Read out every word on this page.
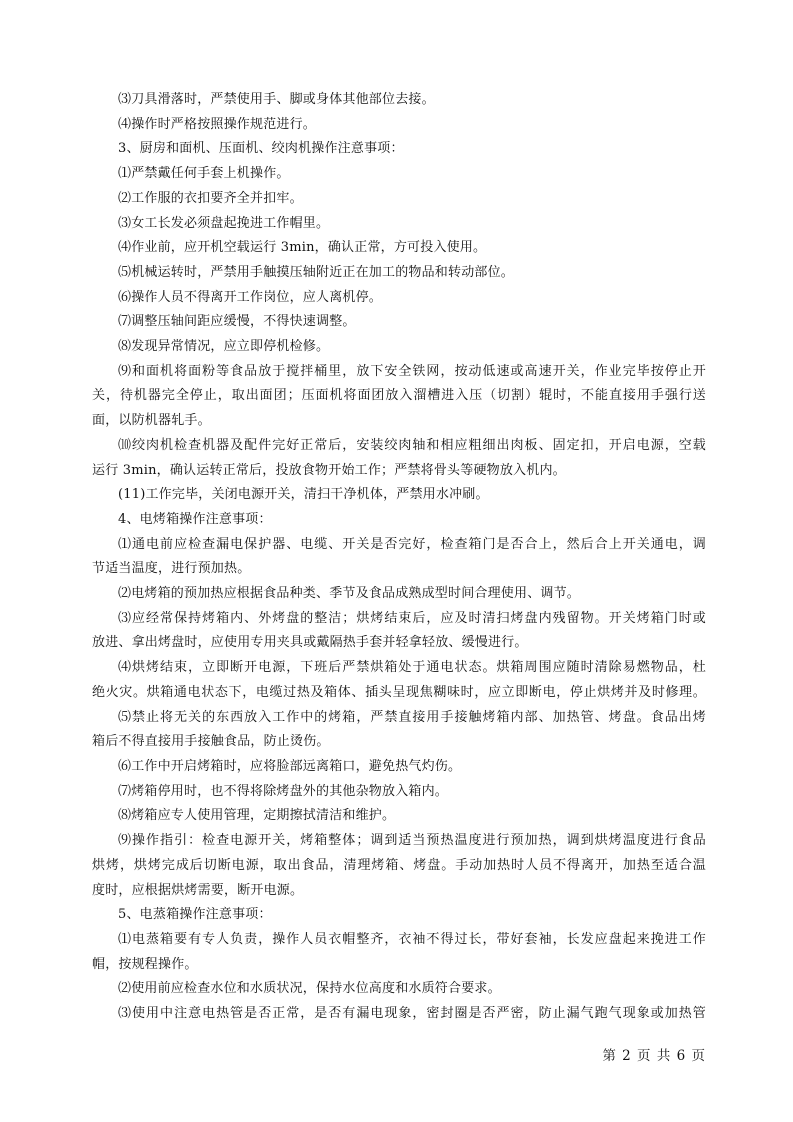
⑶刀具滑落时，严禁使用手、脚或身体其他部位去接。
⑷操作时严格按照操作规范进行。
3、厨房和面机、压面机、绞肉机操作注意事项：
⑴严禁戴任何手套上机操作。
⑵工作服的衣扣要齐全并扣牢。
⑶女工长发必须盘起挽进工作帽里。
⑷作业前，应开机空载运行 3min，确认正常，方可投入使用。
⑸机械运转时，严禁用手触摸压轴附近正在加工的物品和转动部位。
⑹操作人员不得离开工作岗位，应人离机停。
⑺调整压轴间距应缓慢，不得快速调整。
⑻发现异常情况，应立即停机检修。
⑼和面机将面粉等食品放于搅拌桶里，放下安全铁网，按动低速或高速开关，作业完毕按停止开
关，待机器完全停止，取出面团；压面机将面团放入溜槽进入压（切割）辊时，不能直接用手强行送
面，以防机器轧手。
⑽绞肉机检查机器及配件完好正常后，安装绞肉轴和相应粗细出肉板、固定扣，开启电源，空载
运行 3min，确认运转正常后，投放食物开始工作；严禁将骨头等硬物放入机内。
(11)工作完毕，关闭电源开关，清扫干净机体，严禁用水冲刷。
4、电烤箱操作注意事项：
⑴通电前应检查漏电保护器、电缆、开关是否完好，检查箱门是否合上，然后合上开关通电，调
节适当温度，进行预加热。
⑵电烤箱的预加热应根据食品种类、季节及食品成熟成型时间合理使用、调节。
⑶应经常保持烤箱内、外烤盘的整洁；烘烤结束后，应及时清扫烤盘内残留物。开关烤箱门时或
放进、拿出烤盘时，应使用专用夹具或戴隔热手套并轻拿轻放、缓慢进行。
⑷烘烤结束，立即断开电源，下班后严禁烘箱处于通电状态。烘箱周围应随时清除易燃物品，杜
绝火灾。烘箱通电状态下，电缆过热及箱体、插头呈现焦糊味时，应立即断电，停止烘烤并及时修理。
⑸禁止将无关的东西放入工作中的烤箱，严禁直接用手接触烤箱内部、加热管、烤盘。食品出烤
箱后不得直接用手接触食品，防止烫伤。
⑹工作中开启烤箱时，应将脸部远离箱口，避免热气灼伤。
⑺烤箱停用时，也不得将除烤盘外的其他杂物放入箱内。
⑻烤箱应专人使用管理，定期擦拭清洁和维护。
⑼操作指引：检查电源开关，烤箱整体；调到适当预热温度进行预加热，调到烘烤温度进行食品
烘烤，烘烤完成后切断电源，取出食品，清理烤箱、烤盘。手动加热时人员不得离开，加热至适合温
度时，应根据烘烤需要，断开电源。
5、电蒸箱操作注意事项：
⑴电蒸箱要有专人负责，操作人员衣帽整齐，衣袖不得过长，带好套袖，长发应盘起来挽进工作
帽，按规程操作。
⑵使用前应检查水位和水质状况，保持水位高度和水质符合要求。
⑶使用中注意电热管是否正常，是否有漏电现象，密封圈是否严密，防止漏气跑气现象或加热管
第 2 页 共 6 页
